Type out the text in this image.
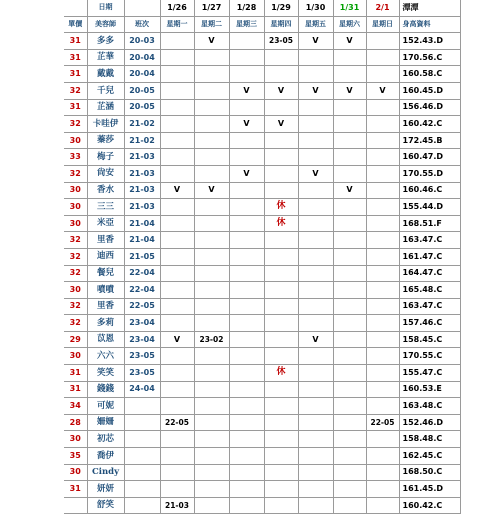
	日期		1/26	1/27	1/28	1/29	1/30	1/31	2/1	潭潭
單價	美容師	班次	星期一	星期二	星期三	星期四	星期五	星期六	星期日	身高資料
31	多多	20-03		V		23-05	V	V		152.43.D
31	芷華	20-04								170.56.C
31	戴戴	20-04								160.58.C
32	千兒	20-05			V	V	V	V	V	160.45.D
31	芷涵	20-05								156.46.D
32	卡哇伊	21-02			V	V				160.42.C
30	蓁莎	21-02								172.45.B
33	梅子	21-03								160.47.D
32	尙安	21-03			V		V			170.55.D
30	香水	21-03	V	V				V		160.46.C
30	三三	21-03				休				155.44.D
30	米亞	21-04				休				168.51.F
32	里香	21-04								163.47.C
32	迪西	21-05								161.47.C
32	餐兒	22-04								164.47.C
30	噴噴	22-04								165.48.C
32	里香	22-05								163.47.C
32	多莉	23-04								157.46.C
29	苡恩	23-04	V	23-02			V			158.45.C
30	六六	23-05								170.55.C
31	笑笑	23-05				休				155.47.C
31	錢錢	24-04								160.53.E
34	可妮									163.48.C
28	姍姍		22-05						22-05	152.46.D
30	初芯									158.48.C
35	喬伊									162.45.C
30	Cindy									168.50.C
31	妍妍									161.45.D
	舒笑		21-03							160.42.C
